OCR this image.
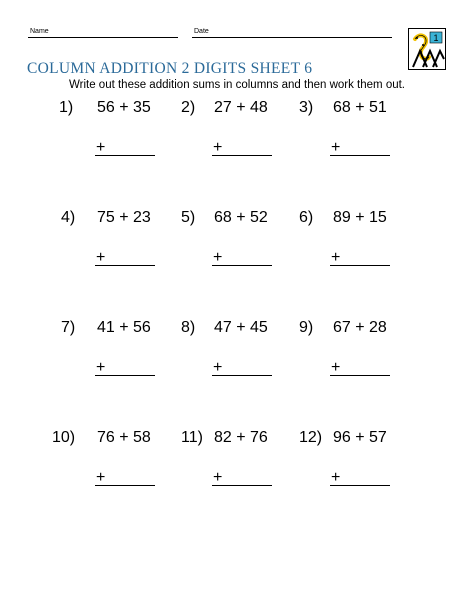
Name	Date
1
COLUMN ADDITION 2 DIGITS SHEET 6
Write out these addition sums in columns and then work them out.
1) 56 + 35
+
2) 27 + 48
+
3) 68 + 51
+
4) 75 + 23
+
5) 68 + 52
+
6) 89 + 15
+
7) 41 + 56
+
8) 47 + 45
+
9) 67 + 28
+
10) 76 + 58
+
11) 82 + 76
+
12) 96 + 57
+
